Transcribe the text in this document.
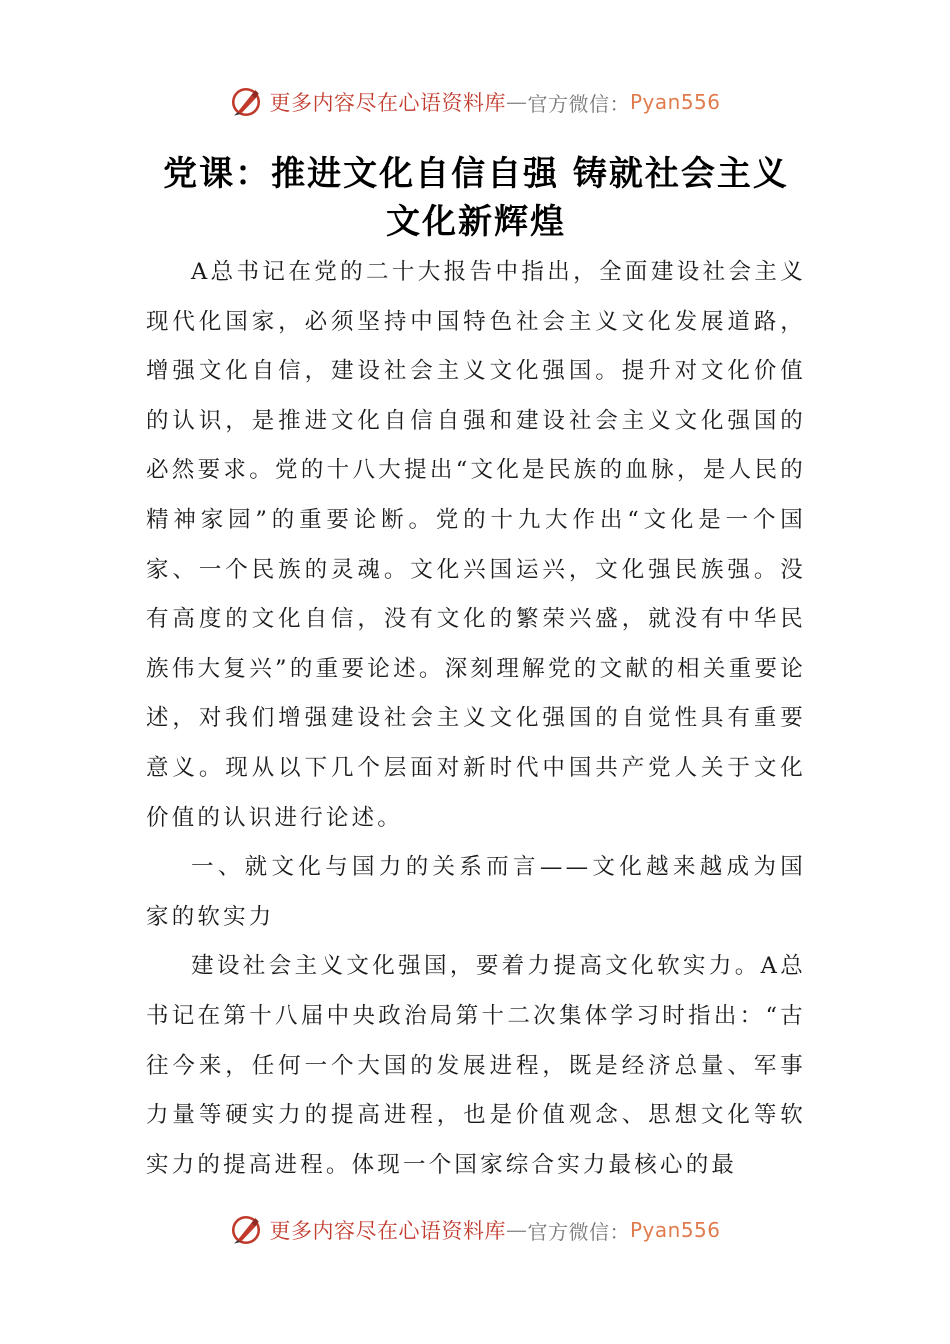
更多内容尽在心语资料库 — 官方微信： Pyan556
党课：推进文化自信自强 铸就社会主义文化新辉煌

A总书记在党的二十大报告中指出，全面建设社会主义现代化国家，必须坚持中国特色社会主义文化发展道路，增强文化自信，建设社会主义文化强国。提升对文化价值的认识，是推进文化自信自强和建设社会主义文化强国的必然要求。党的十八大提出“文化是民族的血脉，是人民的精神家园”的重要论断。党的十九大作出“文化是一个国家、一个民族的灵魂。文化兴国运兴，文化强民族强。没有高度的文化自信，没有文化的繁荣兴盛，就没有中华民族伟大复兴”的重要论述。深刻理解党的文献的相关重要论述，对我们增强建设社会主义文化强国的自觉性具有重要意义。现从以下几个层面对新时代中国共产党人关于文化价值的认识进行论述。

一、就文化与国力的关系而言——文化越来越成为国家的软实力

建设社会主义文化强国，要着力提高文化软实力。A总书记在第十八届中央政治局第十二次集体学习时指出：“古往今来，任何一个大国的发展进程，既是经济总量、军事力量等硬实力的提高进程，也是价值观念、思想文化等软实力的提高进程。体现一个国家综合实力最核心的最

更多内容尽在心语资料库 — 官方微信： Pyan556
